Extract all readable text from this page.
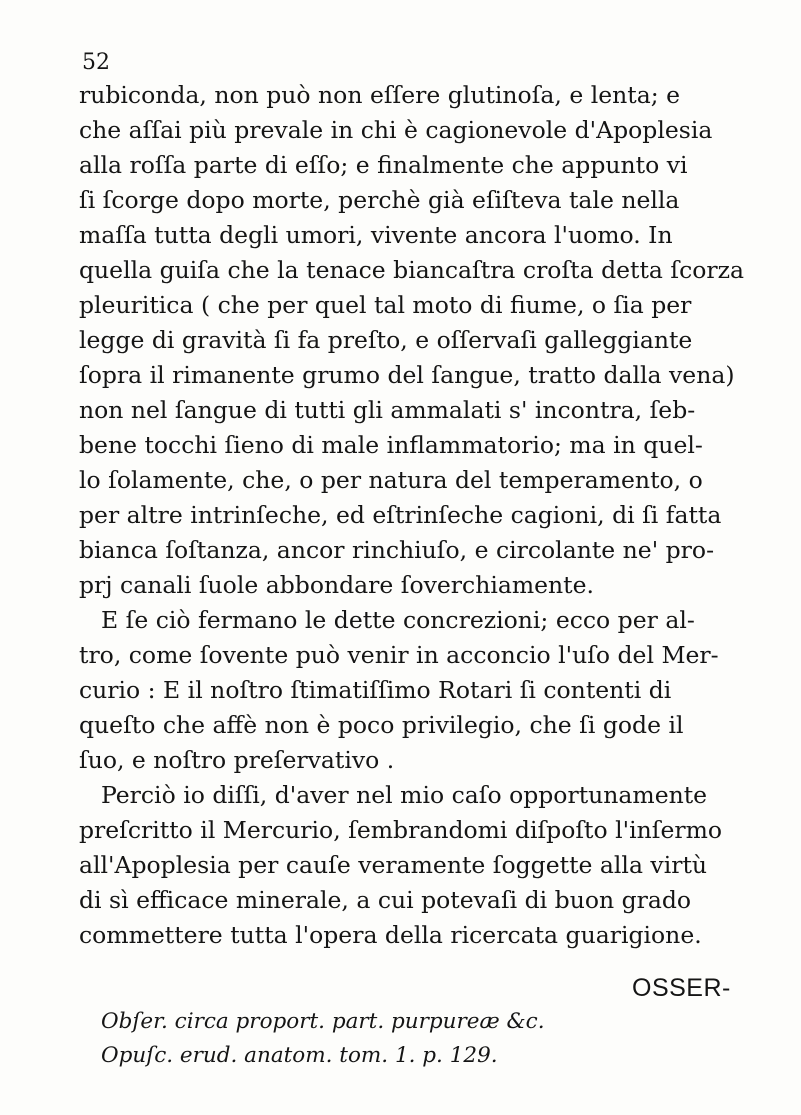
52
rubiconda, non può non eſſere glutinoſa, e lenta; e
che aſſai più prevale in chi è cagionevole d'Apoplesia
alla roſſa parte di eſſo; e finalmente che appunto vi
ſi ſcorge dopo morte, perchè già eſiſteva tale nella
maſſa tutta degli umori, vivente ancora l'uomo. In
quella guiſa che la tenace biancaſtra croſta detta ſcorza
pleuritica ( che per quel tal moto di fiume, o ſia per
legge di gravità ſi fa preſto, e oſſervaſi galleggiante
ſopra il rimanente grumo del ſangue, tratto dalla vena)
non nel ſangue di tutti gli ammalati s' incontra, ſeb-
bene tocchi ſieno di male inflammatorio; ma in quel-
lo ſolamente, che, o per natura del temperamento, o
per altre intrinſeche, ed eſtrinſeche cagioni, di ſi fatta
bianca ſoſtanza, ancor rinchiuſo, e circolante ne' pro-
prj canali ſuole abbondare ſoverchiamente.
E ſe ciò fermano le dette concrezioni; ecco per al-
tro, come ſovente può venir in acconcio l'uſo del Mer-
curio : E il noſtro ſtimatiſſimo Rotari ſi contenti di
queſto che affè non è poco privilegio, che ſi gode il
ſuo, e noſtro preſervativo .
Perciò io diſſi, d'aver nel mio caſo opportunamente
preſcritto il Mercurio, ſembrandomi diſpoſto l'inſermo
all'Apoplesia per cauſe veramente ſoggette alla virtù
di sì efficace minerale, a cui potevaſi di buon grado
commettere tutta l'opera della ricercata guarigione.
OSSER-
Obſer. circa proport. part. purpureæ &c.
Opuſc. erud. anatom. tom. 1. p. 129.
